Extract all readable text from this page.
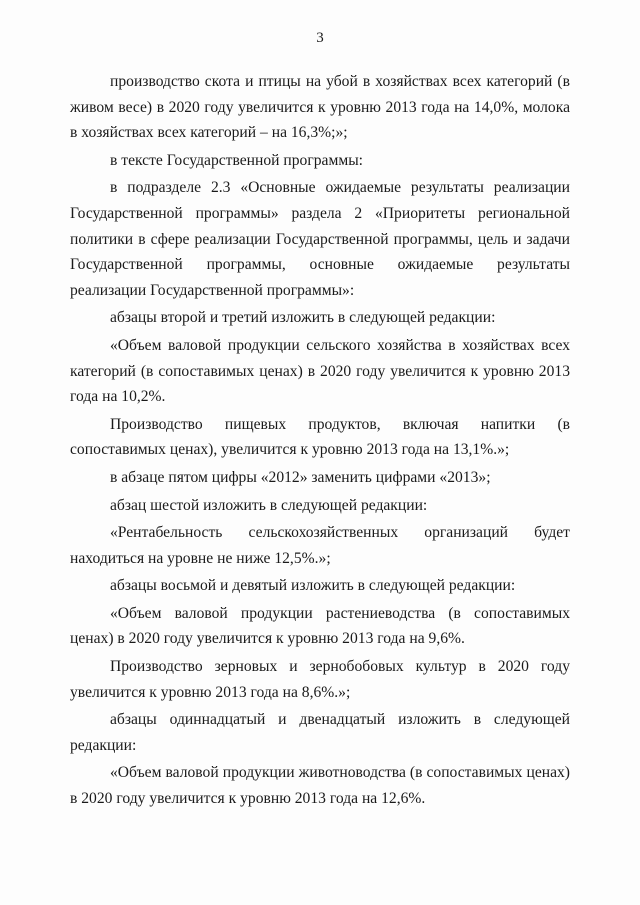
3

производство скота и птицы на убой в хозяйствах всех категорий (в живом весе) в 2020 году увеличится к уровню 2013 года на 14,0%, молока в хозяйствах всех категорий – на 16,3%;»;

в тексте Государственной программы:

в подразделе 2.3 «Основные ожидаемые результаты реализации Государственной программы» раздела 2 «Приоритеты региональной политики в сфере реализации Государственной программы, цель и задачи Государственной программы, основные ожидаемые результаты реализации Государственной программы»:

абзацы второй и третий изложить в следующей редакции:

«Объем валовой продукции сельского хозяйства в хозяйствах всех категорий (в сопоставимых ценах) в 2020 году увеличится к уровню 2013 года на 10,2%.

Производство пищевых продуктов, включая напитки (в сопоставимых ценах), увеличится к уровню 2013 года на 13,1%.»;

в абзаце пятом цифры «2012» заменить цифрами «2013»;

абзац шестой изложить в следующей редакции:

«Рентабельность сельскохозяйственных организаций будет находиться на уровне не ниже 12,5%.»;

абзацы восьмой и девятый изложить в следующей редакции:

«Объем валовой продукции растениеводства (в сопоставимых ценах) в 2020 году увеличится к уровню 2013 года на 9,6%.

Производство зерновых и зернобобовых культур в 2020 году увеличится к уровню 2013 года на 8,6%.»;

абзацы одиннадцатый и двенадцатый изложить в следующей редакции:

«Объем валовой продукции животноводства (в сопоставимых ценах) в 2020 году увеличится к уровню 2013 года на 12,6%.
